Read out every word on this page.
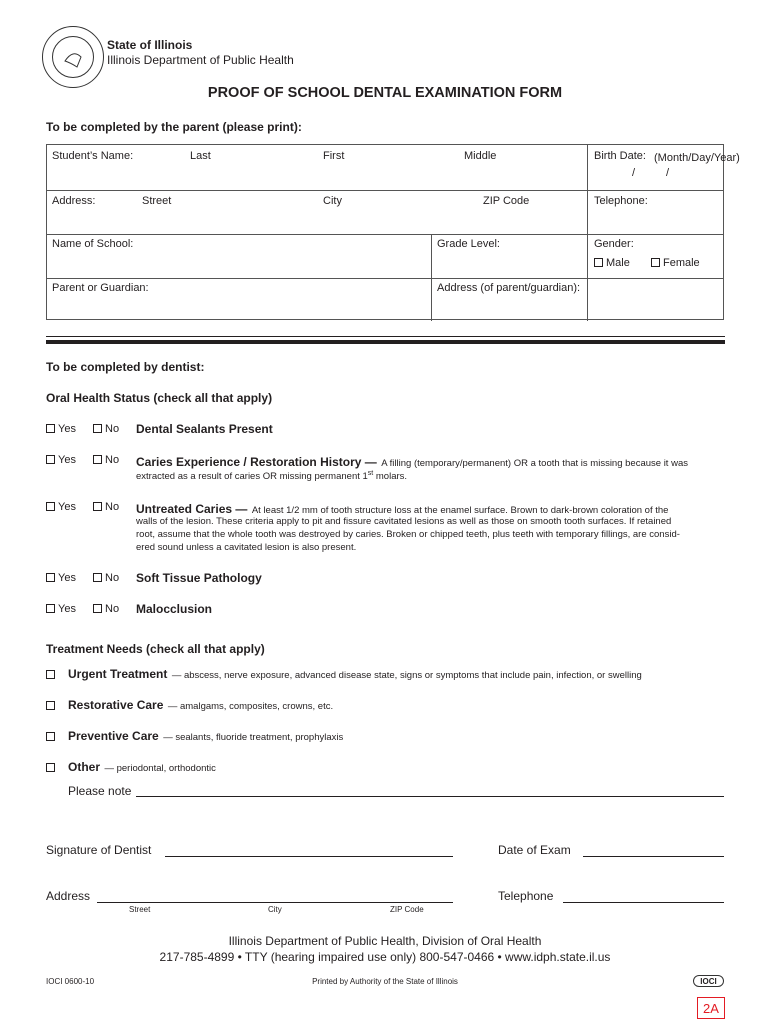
State of Illinois
Illinois Department of Public Health
PROOF OF SCHOOL DENTAL EXAMINATION FORM
To be completed by the parent (please print):
Student’s Name:	Last	First	Middle	Birth Date: (Month/Day/Year)
/	/
Address:	Street	City	ZIP Code	Telephone:
Name of School:	Grade Level:	Gender:
Male	Female
Parent or Guardian:	Address (of parent/guardian):
To be completed by dentist:
Oral Health Status (check all that apply)
Yes	No Dental Sealants Present
Yes	No Caries Experience / Restoration History — A filling (temporary/permanent) OR a tooth that is missing because it was
extracted as a result of caries OR missing permanent 1st molars.
Yes	No Untreated Caries — At least 1/2 mm of tooth structure loss at the enamel surface. Brown to dark-brown coloration of the
walls of the lesion. These criteria apply to pit and fissure cavitated lesions as well as those on smooth tooth surfaces. If retained
root, assume that the whole tooth was destroyed by caries. Broken or chipped teeth, plus teeth with temporary fillings, are consid-
ered sound unless a cavitated lesion is also present.
Yes	No Soft Tissue Pathology
Yes	No Malocclusion
Treatment Needs (check all that apply)
Urgent Treatment — abscess, nerve exposure, advanced disease state, signs or symptoms that include pain, infection, or swelling
Restorative Care — amalgams, composites, crowns, etc.
Preventive Care — sealants, fluoride treatment, prophylaxis
Other — periodontal, orthodontic
Please note
Signature of Dentist	Date of Exam
Address	Telephone
Street	City	ZIP Code
Illinois Department of Public Health, Division of Oral Health
217-785-4899 • TTY (hearing impaired use only) 800-547-0466 • www.idph.state.il.us
IOCI 0600-10	Printed by Authority of the State of Illinois	IOCI
2A
